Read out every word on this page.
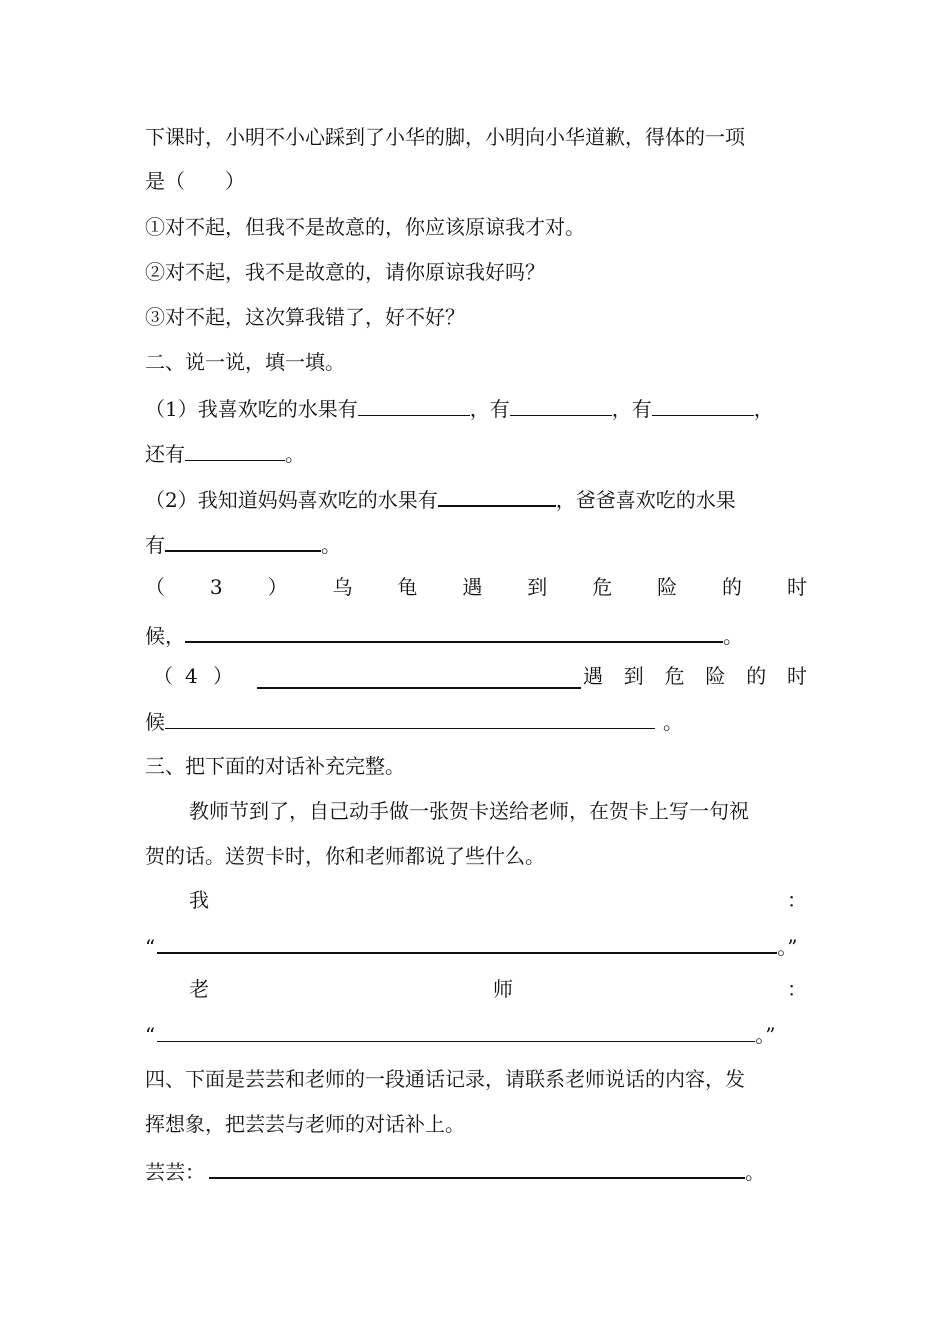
下课时，小明不小心踩到了小华的脚，小明向小华道歉，得体的一项
是（　　）
①对不起，但我不是故意的，你应该原谅我才对。
②对不起，我不是故意的，请你原谅我好吗？
③对不起，这次算我错了，好不好？
二、说一说，填一填。
（1）我喜欢吃的水果有	，有	，有	，
还有	。
（2）我知道妈妈喜欢吃的水果有	，爸爸喜欢吃的水果
有	。
（ 3 ） 乌 龟 遇 到 危 险 的 时
候，	。
（ 4 ）	遇 到 危 险 的 时
候	。
三、把下面的对话补充完整。
教师节到了，自己动手做一张贺卡送给老师，在贺卡上写一句祝
贺的话。送贺卡时，你和老师都说了些什么。
我	：
“	。”
老	师	：
“	。”
四、下面是芸芸和老师的一段通话记录，请联系老师说话的内容，发
挥想象，把芸芸与老师的对话补上。
芸芸：	。
